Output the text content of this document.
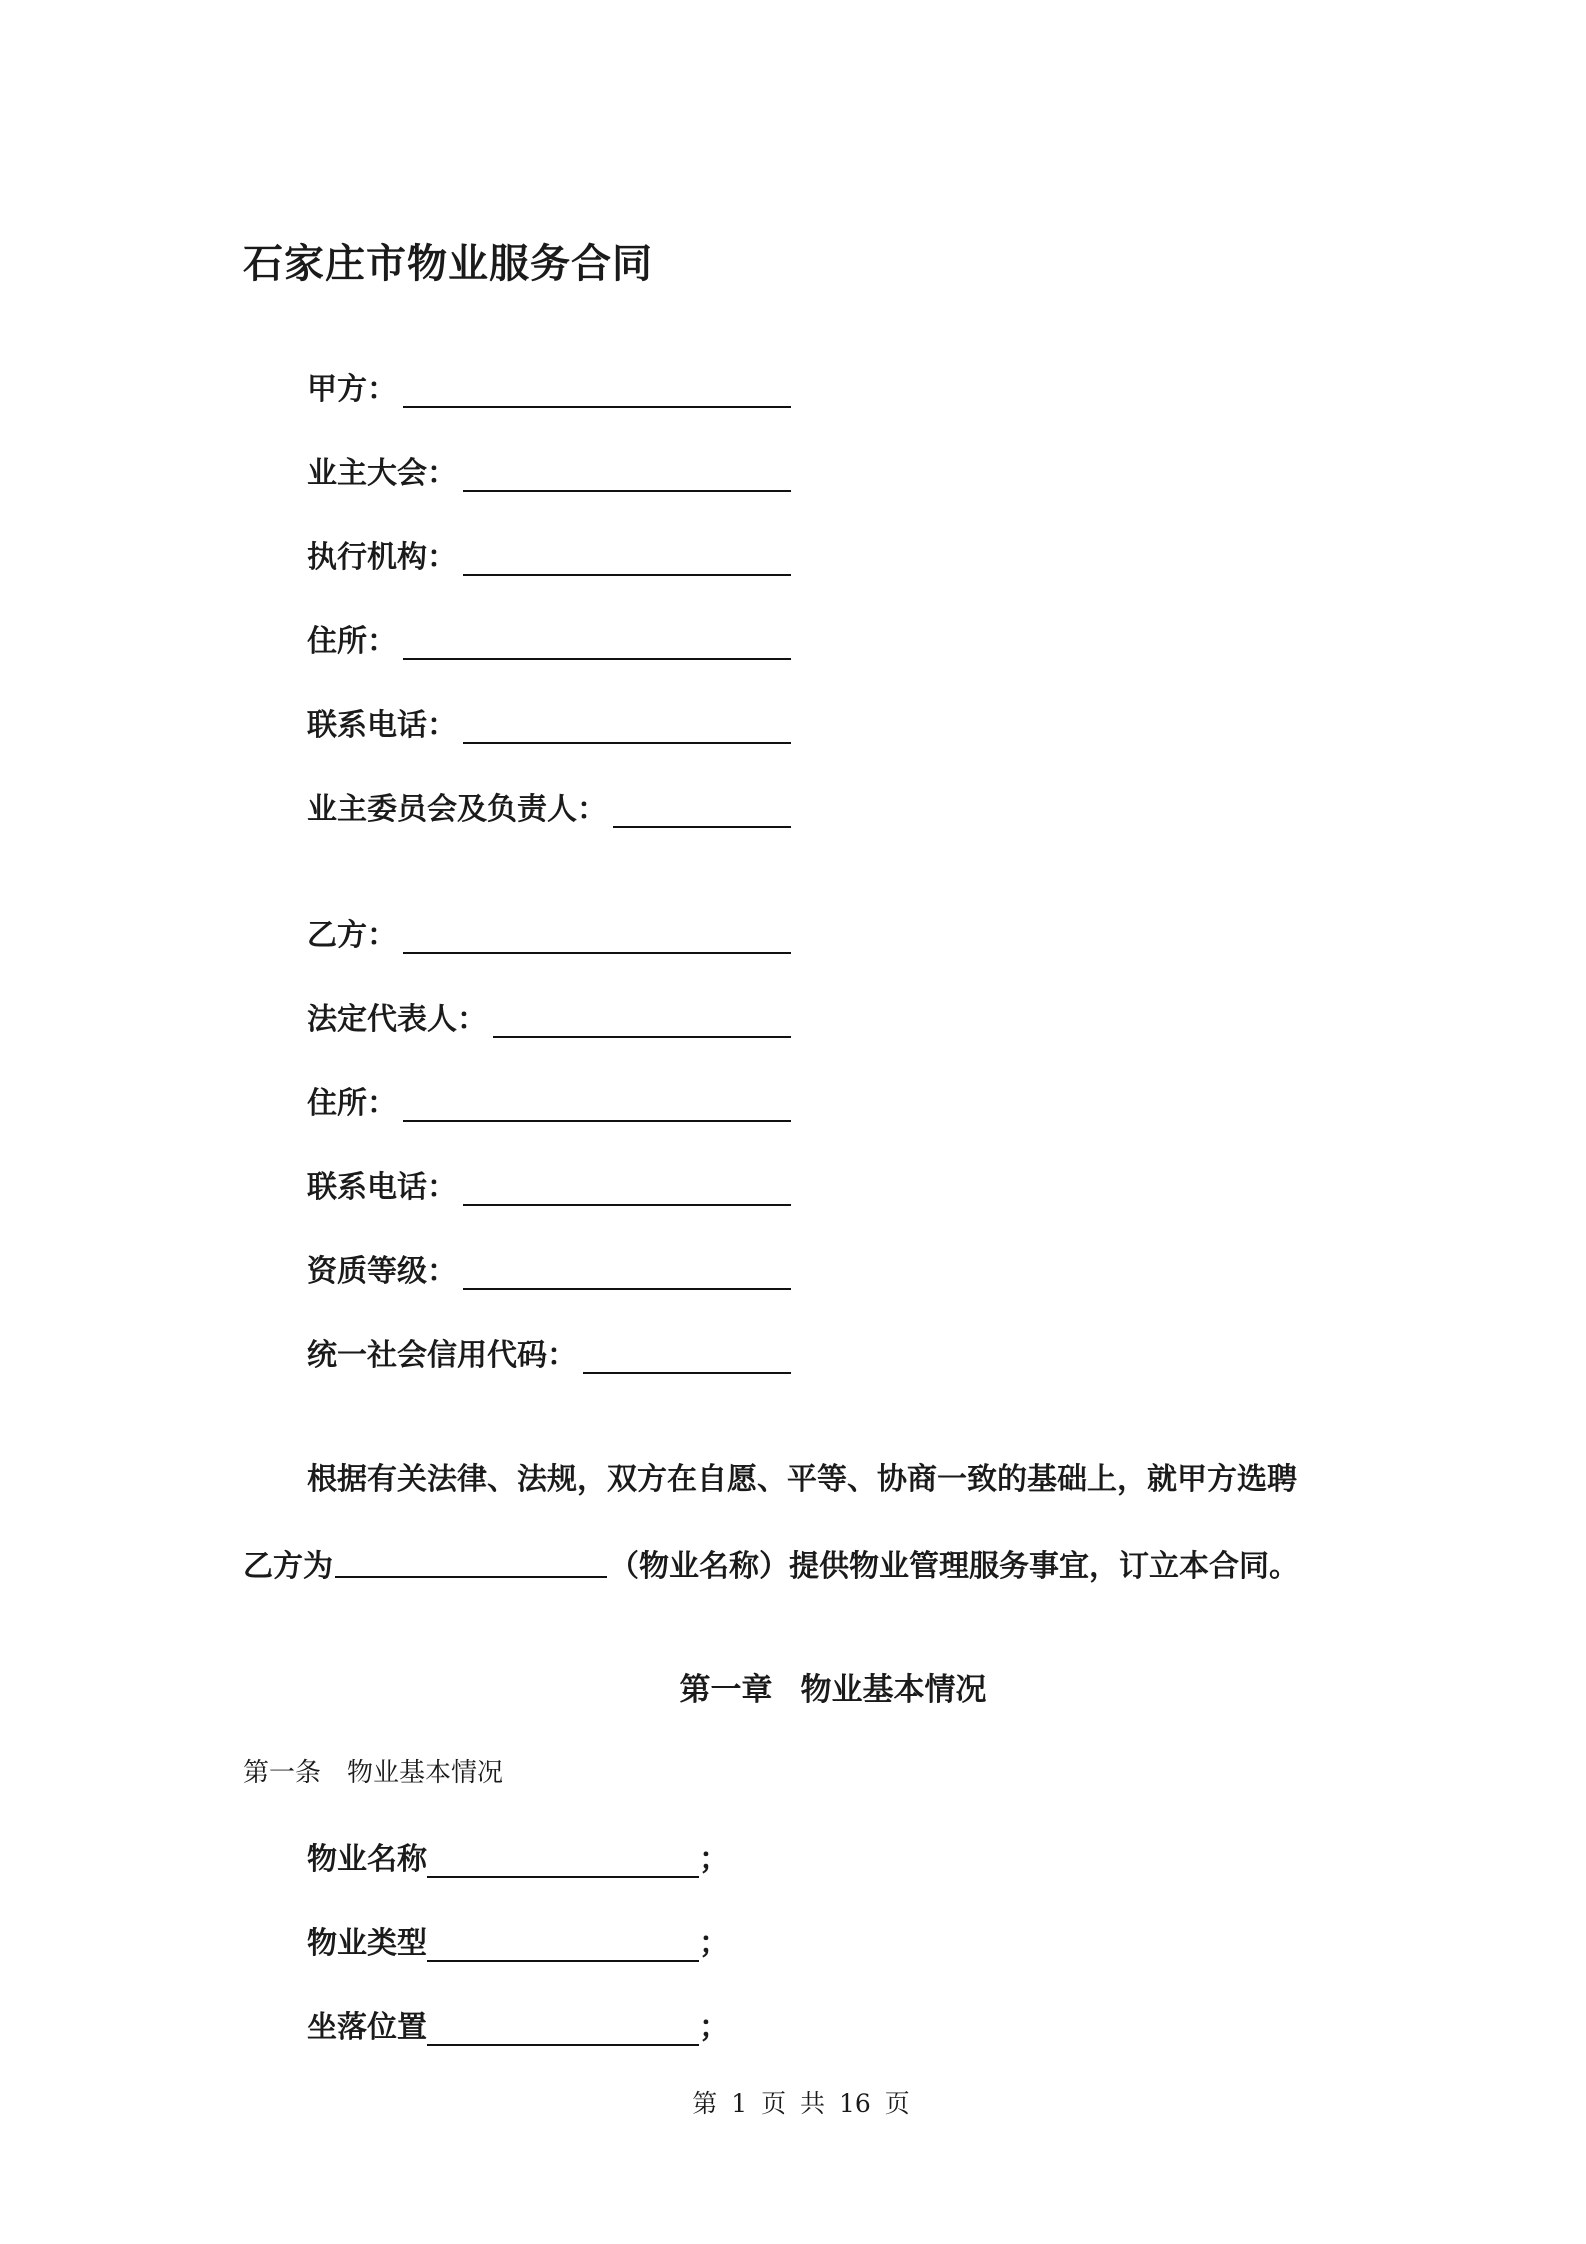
石家庄市物业服务合同
甲方 ：
业主大会 ：
执行机构 ：
住所 ：
联系电话 ：
业主委员会及负责人 ：
乙方 ：
法定代表人 ：
住所 ：
联系电话 ：
资质等级 ：
统一社会信用代码 ：
根据有关法律、法规，双方在自愿、平等、协商一致的基础上，就甲方选聘
乙方为	（物业名称）提供物业管理服务事宜，订立本合同。
第一章 物业基本情况
第一条 物业基本情况
物业名称	；
物业类型	；
坐落位置	；
第 1 页 共 16 页
